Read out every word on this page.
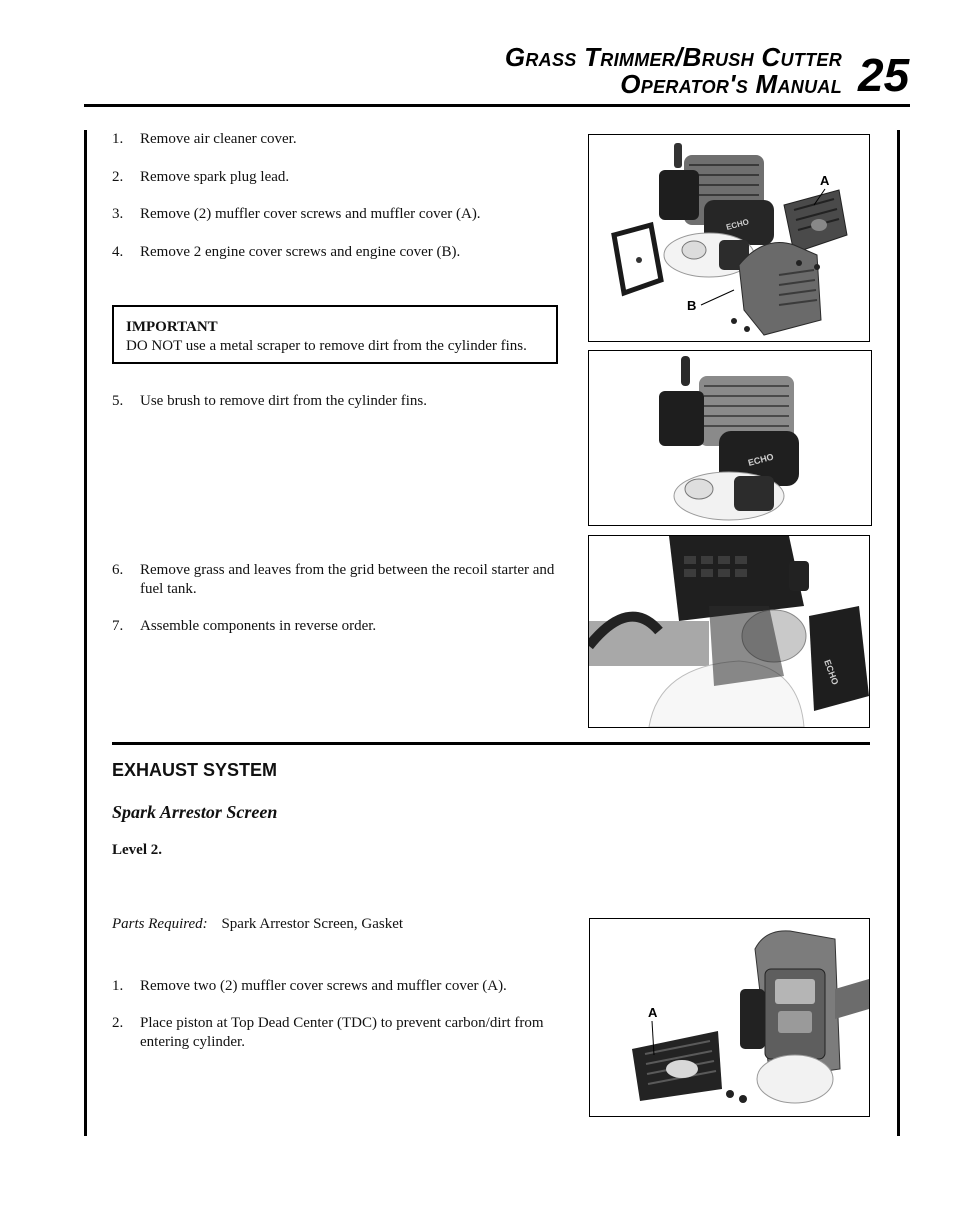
Grass Trimmer/Brush Cutter
Operator's Manual 25
1. Remove air cleaner cover.
2. Remove spark plug lead.
3. Remove (2) muffler cover screws and muffler cover (A).
4. Remove 2 engine cover screws and engine cover (B).
IMPORTANT
DO NOT use a metal scraper to remove dirt from the cylinder fins.
5. Use brush to remove dirt from the cylinder fins.
6. Remove grass and leaves from the grid between the recoil starter and fuel tank.
7. Assemble components in reverse order.
EXHAUST SYSTEM
Spark Arrestor Screen
Level 2.
Parts Required: Spark Arrestor Screen, Gasket
1. Remove two (2) muffler cover screws and muffler cover (A).
2. Place piston at Top Dead Center (TDC) to prevent carbon/dirt from entering cylinder.
ECHO
A
B
ECHO
ECHO
A
